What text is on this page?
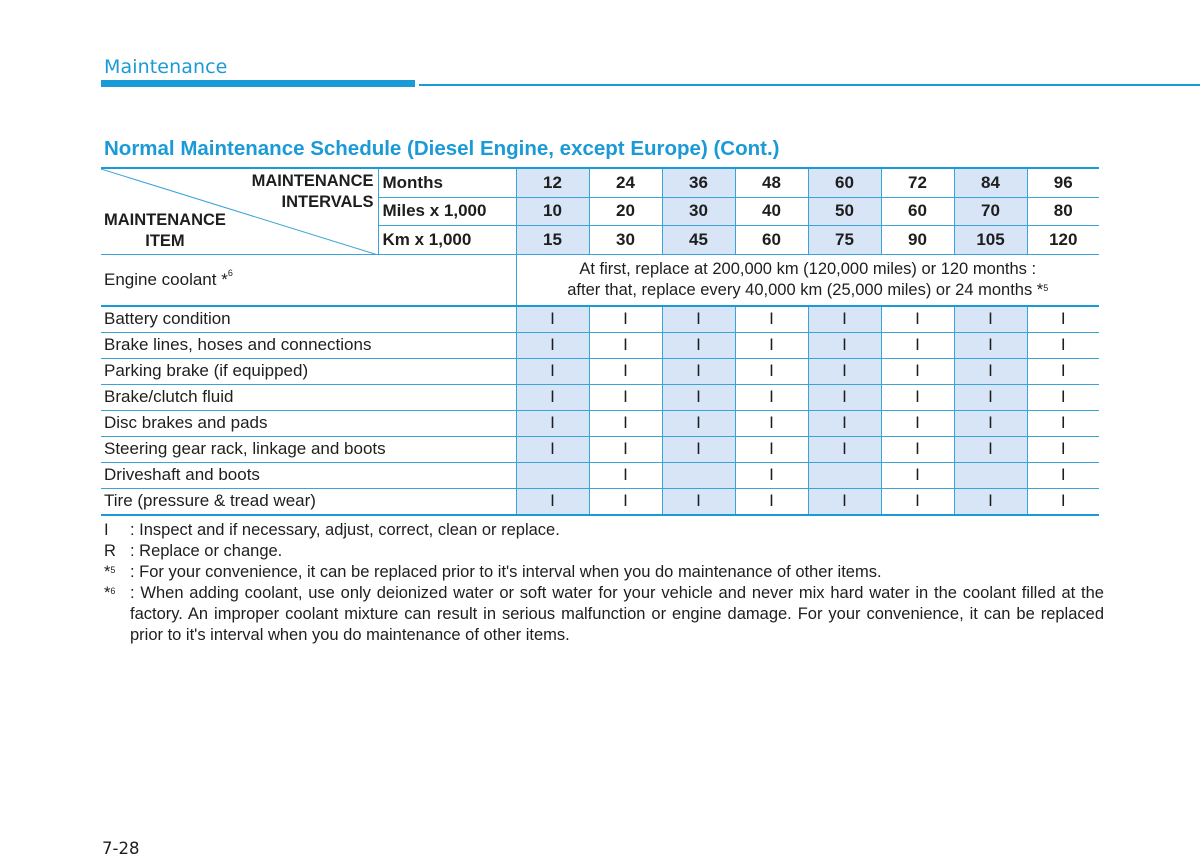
Maintenance
Normal Maintenance Schedule (Diesel Engine, except Europe) (Cont.)
MAINTENANCE
INTERVALS
MAINTENANCE
ITEM	Months	12	24	36	48	60	72	84	96
	Miles x 1,000	10	20	30	40	50	60	70	80
	Km x 1,000	15	30	45	60	75	90	105	120
Engine coolant *$^6$		At first, replace at 200,000 km (120,000 miles) or 120 months :
after that, replace every 40,000 km (25,000 miles) or 24 months *$^5$

Battery condition		I	I	I	I	I	I	I	I
Brake lines, hoses and connections		I	I	I	I	I	I	I	I
Parking brake (if equipped)		I	I	I	I	I	I	I	I
Brake/clutch fluid		I	I	I	I	I	I	I	I
Disc brakes and pads		I	I	I	I	I	I	I	I
Steering gear rack, linkage and boots		I	I	I	I	I	I	I	I
Driveshaft and boots			I		I		I		I
Tire (pressure & tread wear)		I	I	I	I	I	I	I	I
I : Inspect and if necessary, adjust, correct, clean or replace.
R : Replace or change.
*$^5$ : For your convenience, it can be replaced prior to it's interval when you do maintenance of other items.
*$^6$ : When adding coolant, use only deionized water or soft water for your vehicle and never mix hard water in the coolant filled at the factory. An improper coolant mixture can result in serious malfunction or engine damage. For your convenience, it can be replaced prior to it's interval when you do maintenance of other items.
7-28
